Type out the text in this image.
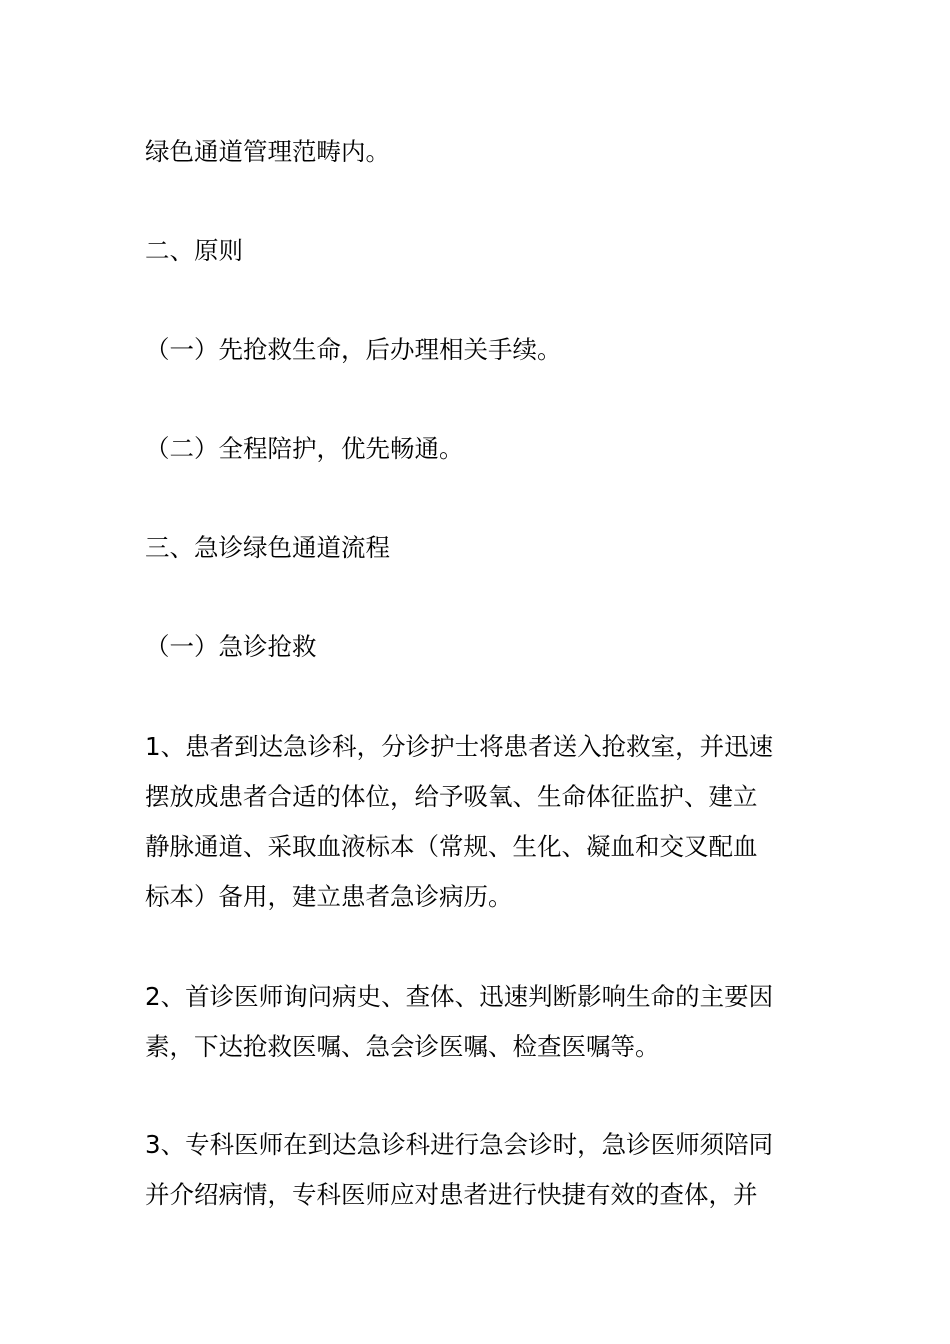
绿色通道管理范畴内。

二、原则

（一）先抢救生命，后办理相关手续。

（二）全程陪护，优先畅通。

三、急诊绿色通道流程

（一）急诊抢救

1、患者到达急诊科，分诊护士将患者送入抢救室，并迅速
摆放成患者合适的体位，给予吸氧、生命体征监护、建立
静脉通道、采取血液标本（常规、生化、凝血和交叉配血
标本）备用，建立患者急诊病历。

2、首诊医师询问病史、查体、迅速判断影响生命的主要因
素，下达抢救医嘱、急会诊医嘱、检查医嘱等。

3、专科医师在到达急诊科进行急会诊时，急诊医师须陪同
并介绍病情，专科医师应对患者进行快捷有效的查体，并
